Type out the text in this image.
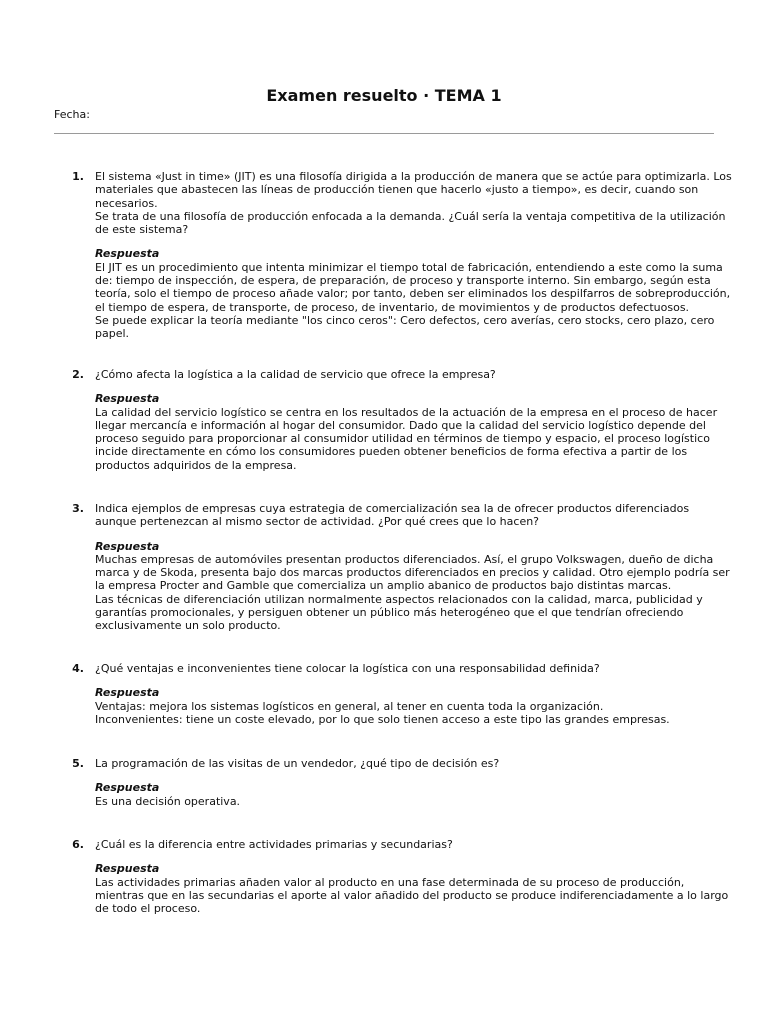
Examen resuelto · TEMA 1
Fecha:
1. El sistema «Just in time» (JIT) es una filosofía dirigida a la producción de manera que se actúe para optimizarla. Los
materiales que abastecen las líneas de producción tienen que hacerlo «justo a tiempo», es decir, cuando son
necesarios.
Se trata de una filosofía de producción enfocada a la demanda. ¿Cuál sería la ventaja competitiva de la utilización
de este sistema?
Respuesta
El JIT es un procedimiento que intenta minimizar el tiempo total de fabricación, entendiendo a este como la suma
de: tiempo de inspección, de espera, de preparación, de proceso y transporte interno. Sin embargo, según esta
teoría, solo el tiempo de proceso añade valor; por tanto, deben ser eliminados los despilfarros de sobreproducción,
el tiempo de espera, de transporte, de proceso, de inventario, de movimientos y de productos defectuosos.
Se puede explicar la teoría mediante "los cinco ceros": Cero defectos, cero averías, cero stocks, cero plazo, cero
papel.
2. ¿Cómo afecta la logística a la calidad de servicio que ofrece la empresa?
Respuesta
La calidad del servicio logístico se centra en los resultados de la actuación de la empresa en el proceso de hacer
llegar mercancía e información al hogar del consumidor. Dado que la calidad del servicio logístico depende del
proceso seguido para proporcionar al consumidor utilidad en términos de tiempo y espacio, el proceso logístico
incide directamente en cómo los consumidores pueden obtener beneficios de forma efectiva a partir de los
productos adquiridos de la empresa.
3. Indica ejemplos de empresas cuya estrategia de comercialización sea la de ofrecer productos diferenciados
aunque pertenezcan al mismo sector de actividad. ¿Por qué crees que lo hacen?
Respuesta
Muchas empresas de automóviles presentan productos diferenciados. Así, el grupo Volkswagen, dueño de dicha
marca y de Skoda, presenta bajo dos marcas productos diferenciados en precios y calidad. Otro ejemplo podría ser
la empresa Procter and Gamble que comercializa un amplio abanico de productos bajo distintas marcas.
Las técnicas de diferenciación utilizan normalmente aspectos relacionados con la calidad, marca, publicidad y
garantías promocionales, y persiguen obtener un público más heterogéneo que el que tendrían ofreciendo
exclusivamente un solo producto.
4. ¿Qué ventajas e inconvenientes tiene colocar la logística con una responsabilidad definida?
Respuesta
Ventajas: mejora los sistemas logísticos en general, al tener en cuenta toda la organización.
Inconvenientes: tiene un coste elevado, por lo que solo tienen acceso a este tipo las grandes empresas.
5. La programación de las visitas de un vendedor, ¿qué tipo de decisión es?
Respuesta
Es una decisión operativa.
6. ¿Cuál es la diferencia entre actividades primarias y secundarias?
Respuesta
Las actividades primarias añaden valor al producto en una fase determinada de su proceso de producción,
mientras que en las secundarias el aporte al valor añadido del producto se produce indiferenciadamente a lo largo
de todo el proceso.
